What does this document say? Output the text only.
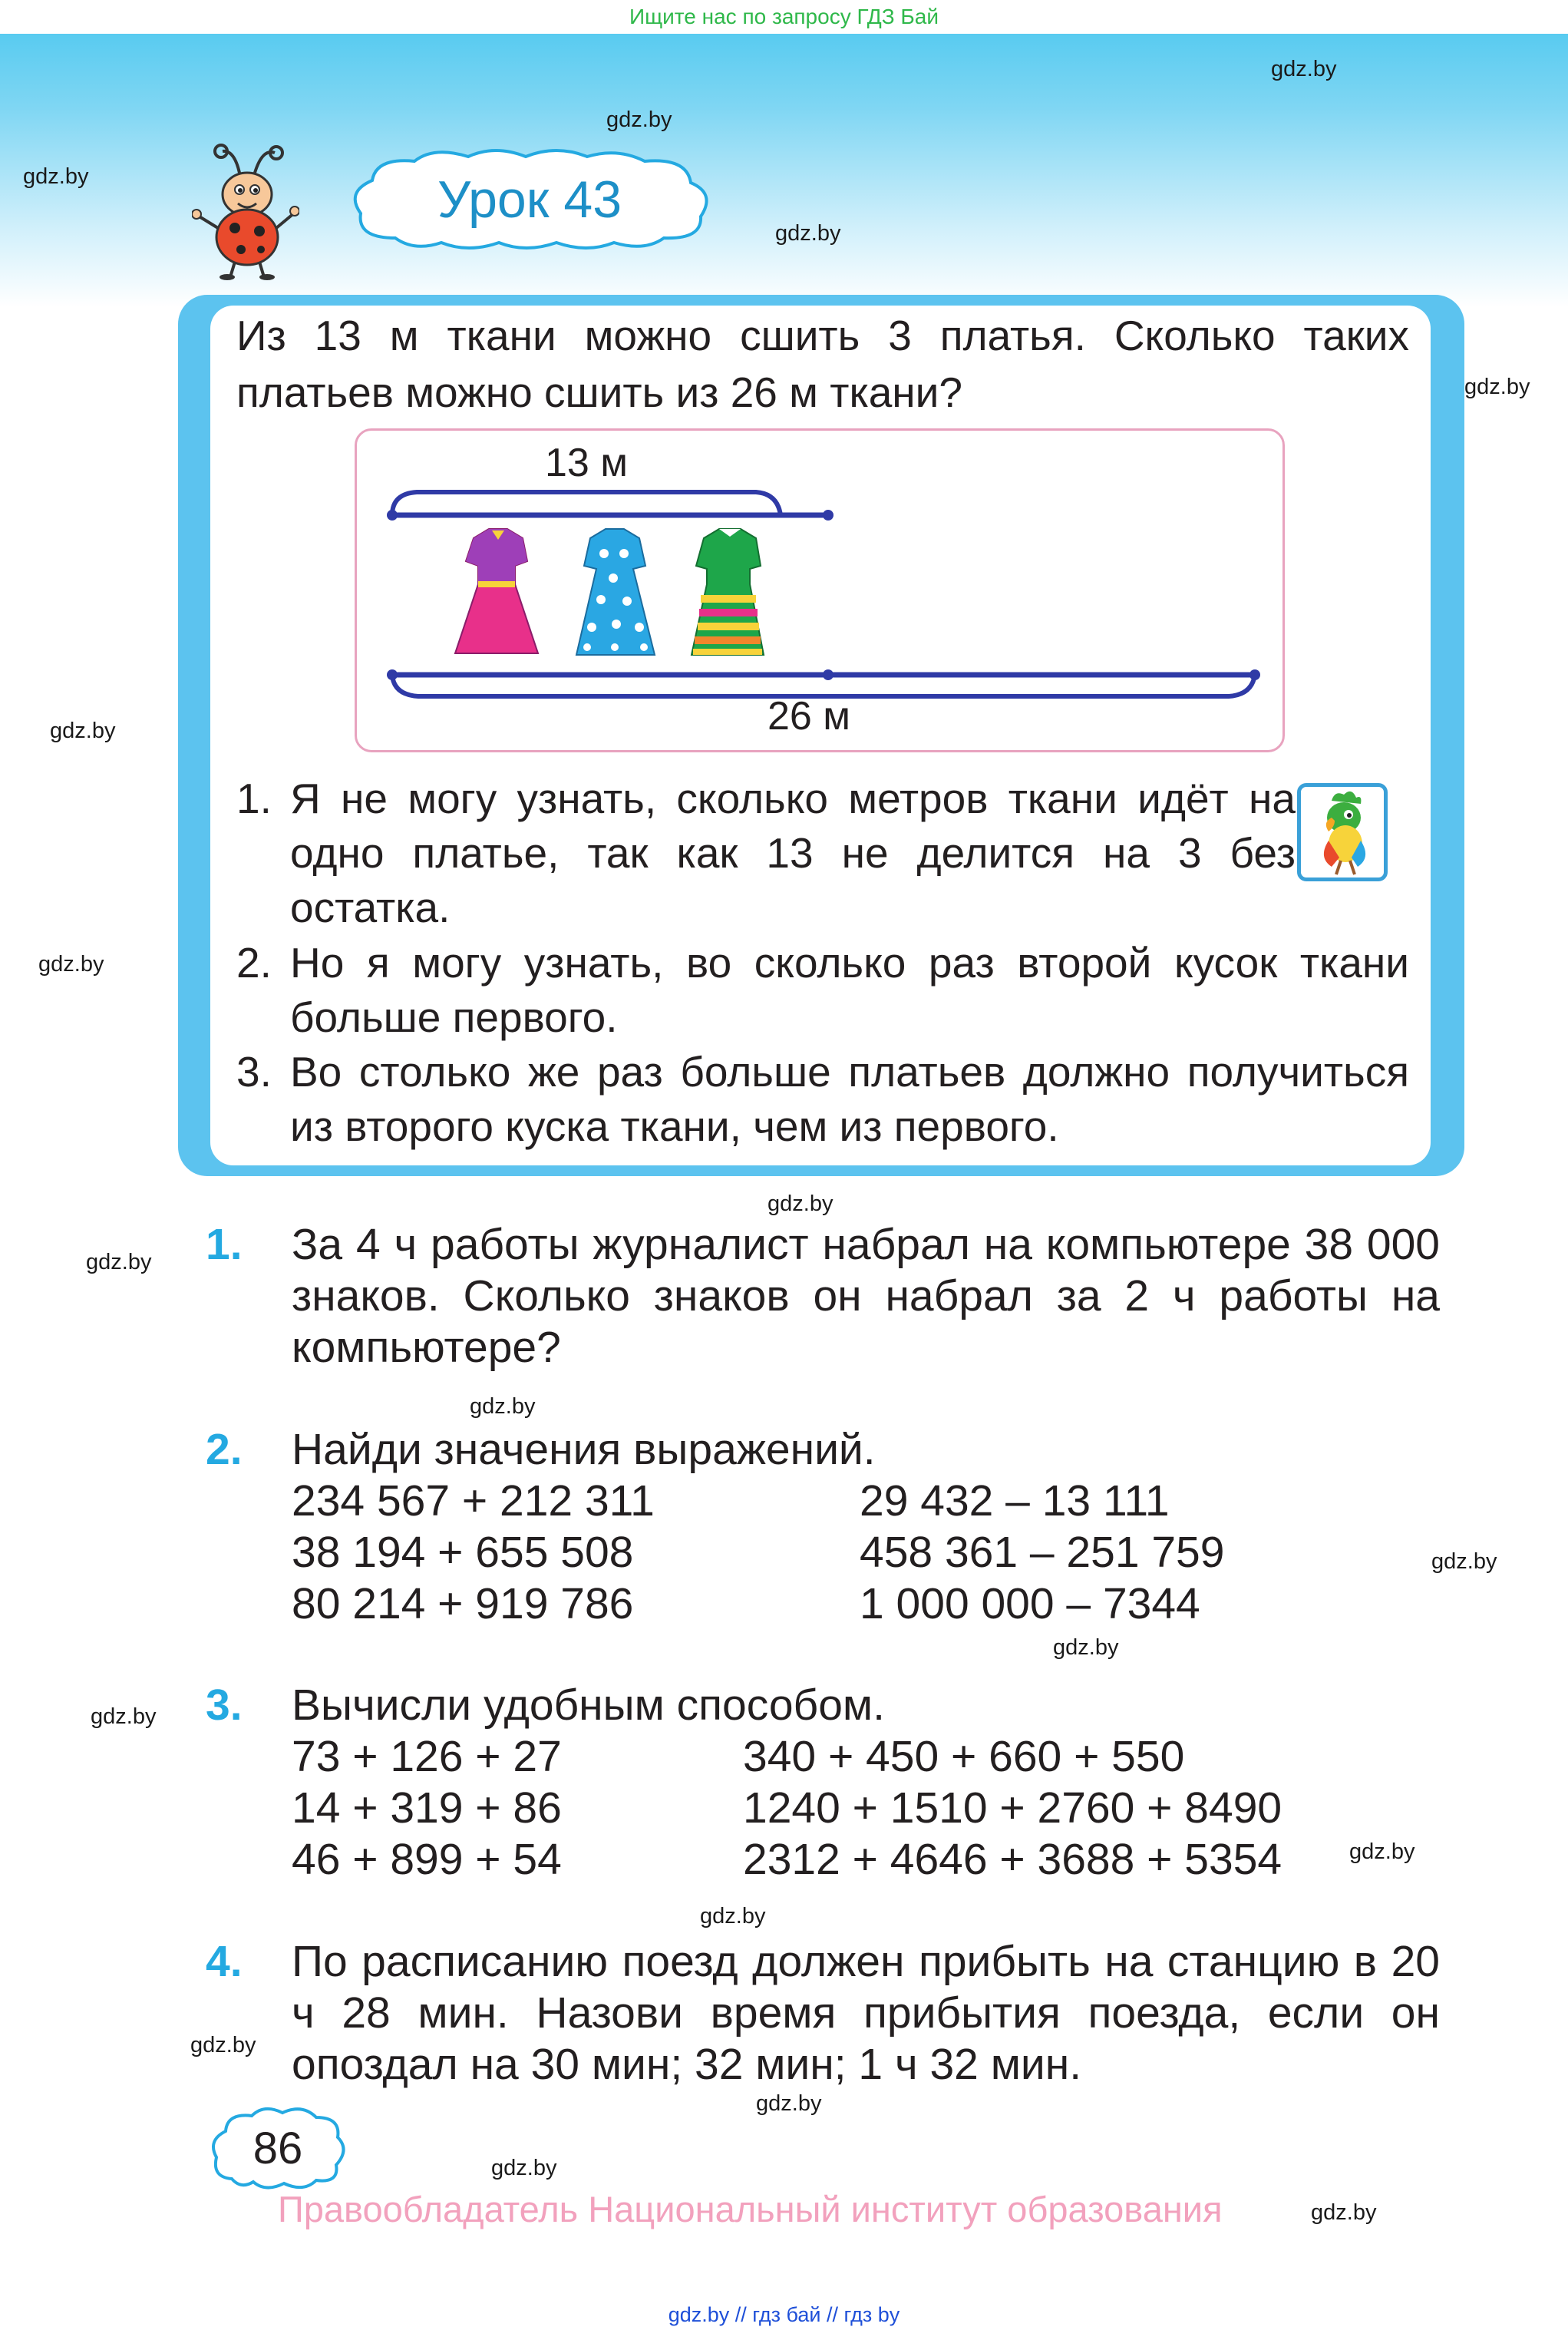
Ищите нас по запросу ГДЗ Бай
gdz.by
gdz.by
gdz.by
gdz.by
gdz.by
gdz.by
gdz.by
gdz.by
gdz.by
gdz.by
gdz.by
gdz.by
gdz.by
gdz.by
gdz.by
gdz.by
gdz.by
gdz.by
gdz.by
Урок 43

Из 13 м ткани можно сшить 3 платья. Сколько таких платьев можно сшить из 26 м ткани?

13 м
26 м
1. Я не могу узнать, сколько метров ткани идёт на одно платье, так как 13 не делится на 3 без остатка.
2. Но я могу узнать, во сколько раз второй кусок ткани больше первого.
3. Во столько же раз больше платьев должно получиться из второго куска ткани, чем из первого.
1. За 4 ч работы журналист набрал на компьютере 38 000 знаков. Сколько знаков он набрал за 2 ч работы на компьютере?
2. Найди значения выражений.
234 567 + 212 311
38 194 + 655 508
80 214 + 919 786
29 432 – 13 111
458 361 – 251 759
1 000 000 – 7344
3. Вычисли удобным способом.
73 + 126 + 27
14 + 319 + 86
46 + 899 + 54
340 + 450 + 660 + 550
1240 + 1510 + 2760 + 8490
2312 + 4646 + 3688 + 5354
4. По расписанию поезд должен прибыть на станцию в 20 ч 28 мин. Назови время прибытия поезда, если он опоздал на 30 мин; 32 мин; 1 ч 32 мин.
86
Правообладатель Национальный институт образования
gdz.by // гдз бай // гдз by
